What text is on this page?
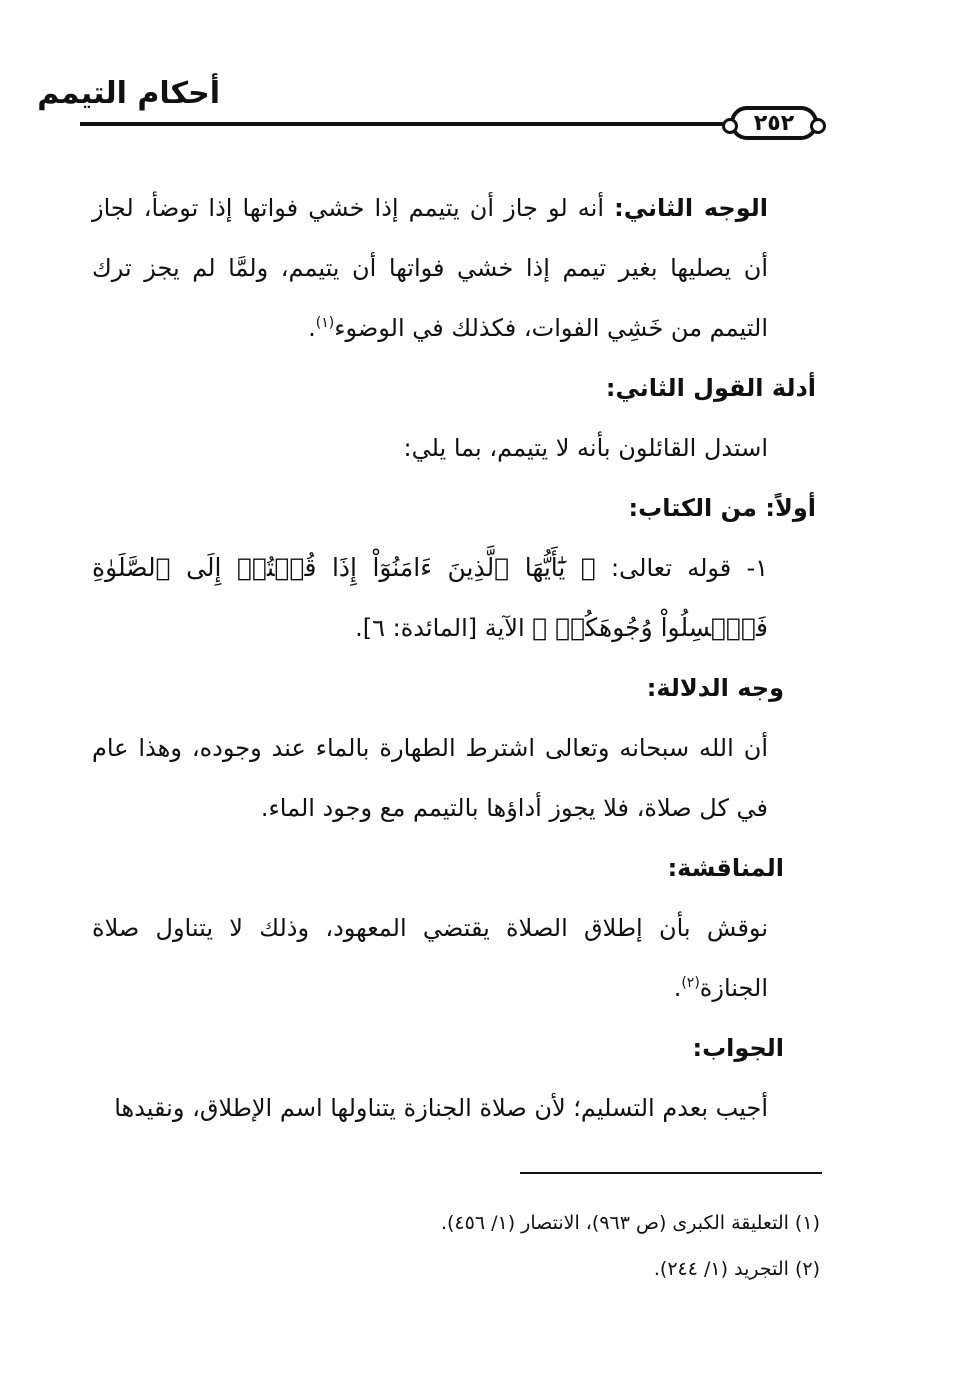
أحكام التيمم
٢٥٢

الوجه الثاني: أنه لو جاز أن يتيمم إذا خشي فواتها إذا توضأ، لجاز أن يصليها بغير تيمم إذا خشي فواتها أن يتيمم، ولمَّا لم يجز ترك التيمم من خَشِي الفوات، فكذلك في الوضوء$^{(١)}$.

أدلة القول الثاني:

استدل القائلون بأنه لا يتيمم، بما يلي:

أولاً: من الكتاب:

١- قوله تعالى: ﴿ يَٰٓأَيُّهَا ٱلَّذِينَ ءَامَنُوٓاْ إِذَا قُمۡتُمۡ إِلَى ٱلصَّلَوٰةِ فَٱغۡسِلُواْ وُجُوهَكُمۡ ﴾ الآية [المائدة: ٦].

وجه الدلالة:

أن الله سبحانه وتعالى اشترط الطهارة بالماء عند وجوده، وهذا عام في كل صلاة، فلا يجوز أداؤها بالتيمم مع وجود الماء.

المناقشة:

نوقش بأن إطلاق الصلاة يقتضي المعهود، وذلك لا يتناول صلاة الجنازة$^{(٢)}$.

الجواب:

أجيب بعدم التسليم؛ لأن صلاة الجنازة يتناولها اسم الإطلاق، ونقيدها

(١) التعليقة الكبرى (ص ٩٦٣)، الانتصار (١/ ٤٥٦).

(٢) التجريد (١/ ٢٤٤).
